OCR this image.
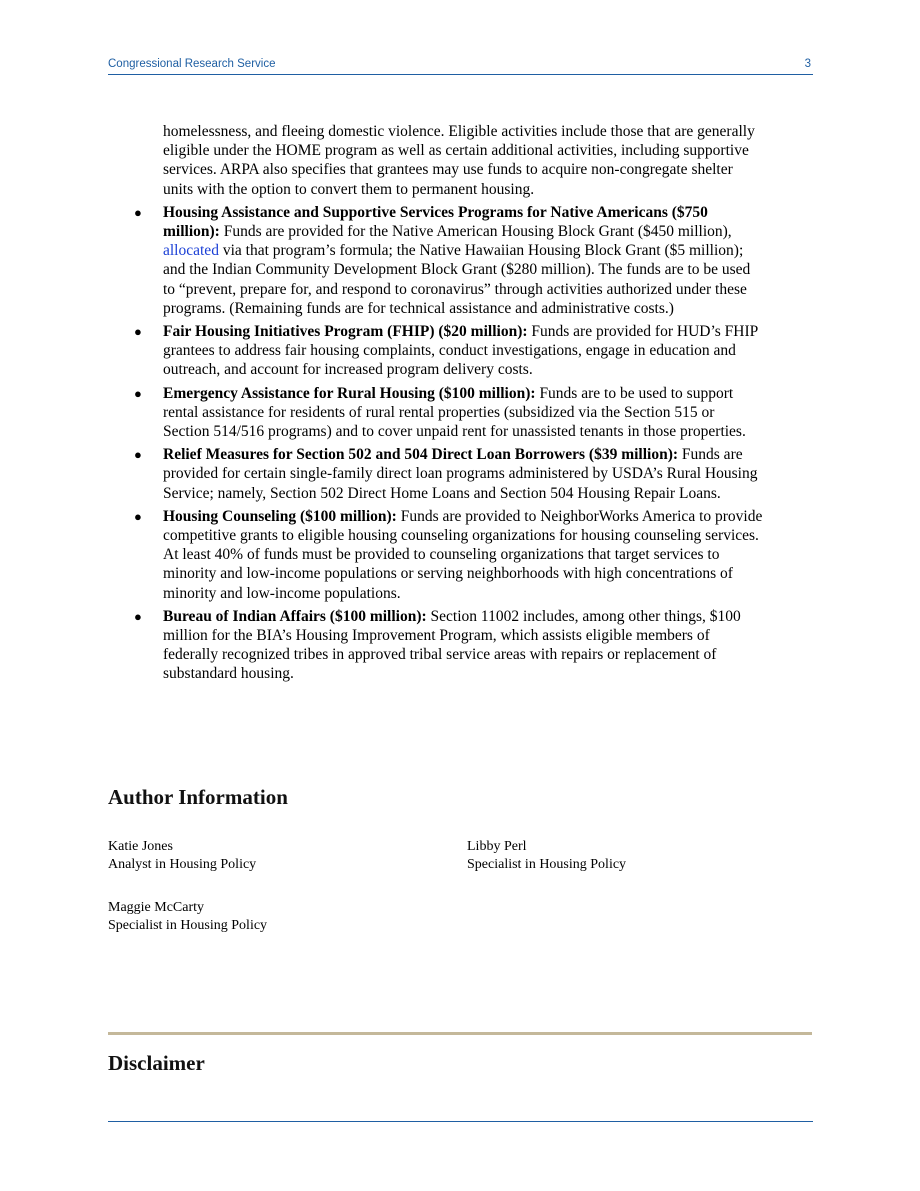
Congressional Research Service	3
homelessness, and fleeing domestic violence. Eligible activities include those that are generally eligible under the HOME program as well as certain additional activities, including supportive services. ARPA also specifies that grantees may use funds to acquire non-congregate shelter units with the option to convert them to permanent housing.
● Housing Assistance and Supportive Services Programs for Native Americans ($750 million): Funds are provided for the Native American Housing Block Grant ($450 million), allocated via that program’s formula; the Native Hawaiian Housing Block Grant ($5 million); and the Indian Community Development Block Grant ($280 million). The funds are to be used to “prevent, prepare for, and respond to coronavirus” through activities authorized under these programs. (Remaining funds are for technical assistance and administrative costs.)
● Fair Housing Initiatives Program (FHIP) ($20 million): Funds are provided for HUD’s FHIP grantees to address fair housing complaints, conduct investigations, engage in education and outreach, and account for increased program delivery costs.
● Emergency Assistance for Rural Housing ($100 million): Funds are to be used to support rental assistance for residents of rural rental properties (subsidized via the Section 515 or Section 514/516 programs) and to cover unpaid rent for unassisted tenants in those properties.
● Relief Measures for Section 502 and 504 Direct Loan Borrowers ($39 million): Funds are provided for certain single-family direct loan programs administered by USDA’s Rural Housing Service; namely, Section 502 Direct Home Loans and Section 504 Housing Repair Loans.
● Housing Counseling ($100 million): Funds are provided to NeighborWorks America to provide competitive grants to eligible housing counseling organizations for housing counseling services. At least 40% of funds must be provided to counseling organizations that target services to minority and low-income populations or serving neighborhoods with high concentrations of minority and low-income populations.
● Bureau of Indian Affairs ($100 million): Section 11002 includes, among other things, $100 million for the BIA’s Housing Improvement Program, which assists eligible members of federally recognized tribes in approved tribal service areas with repairs or replacement of substandard housing.
Author Information
Katie Jones
Analyst in Housing Policy
Libby Perl
Specialist in Housing Policy
Maggie McCarty
Specialist in Housing Policy
Disclaimer
